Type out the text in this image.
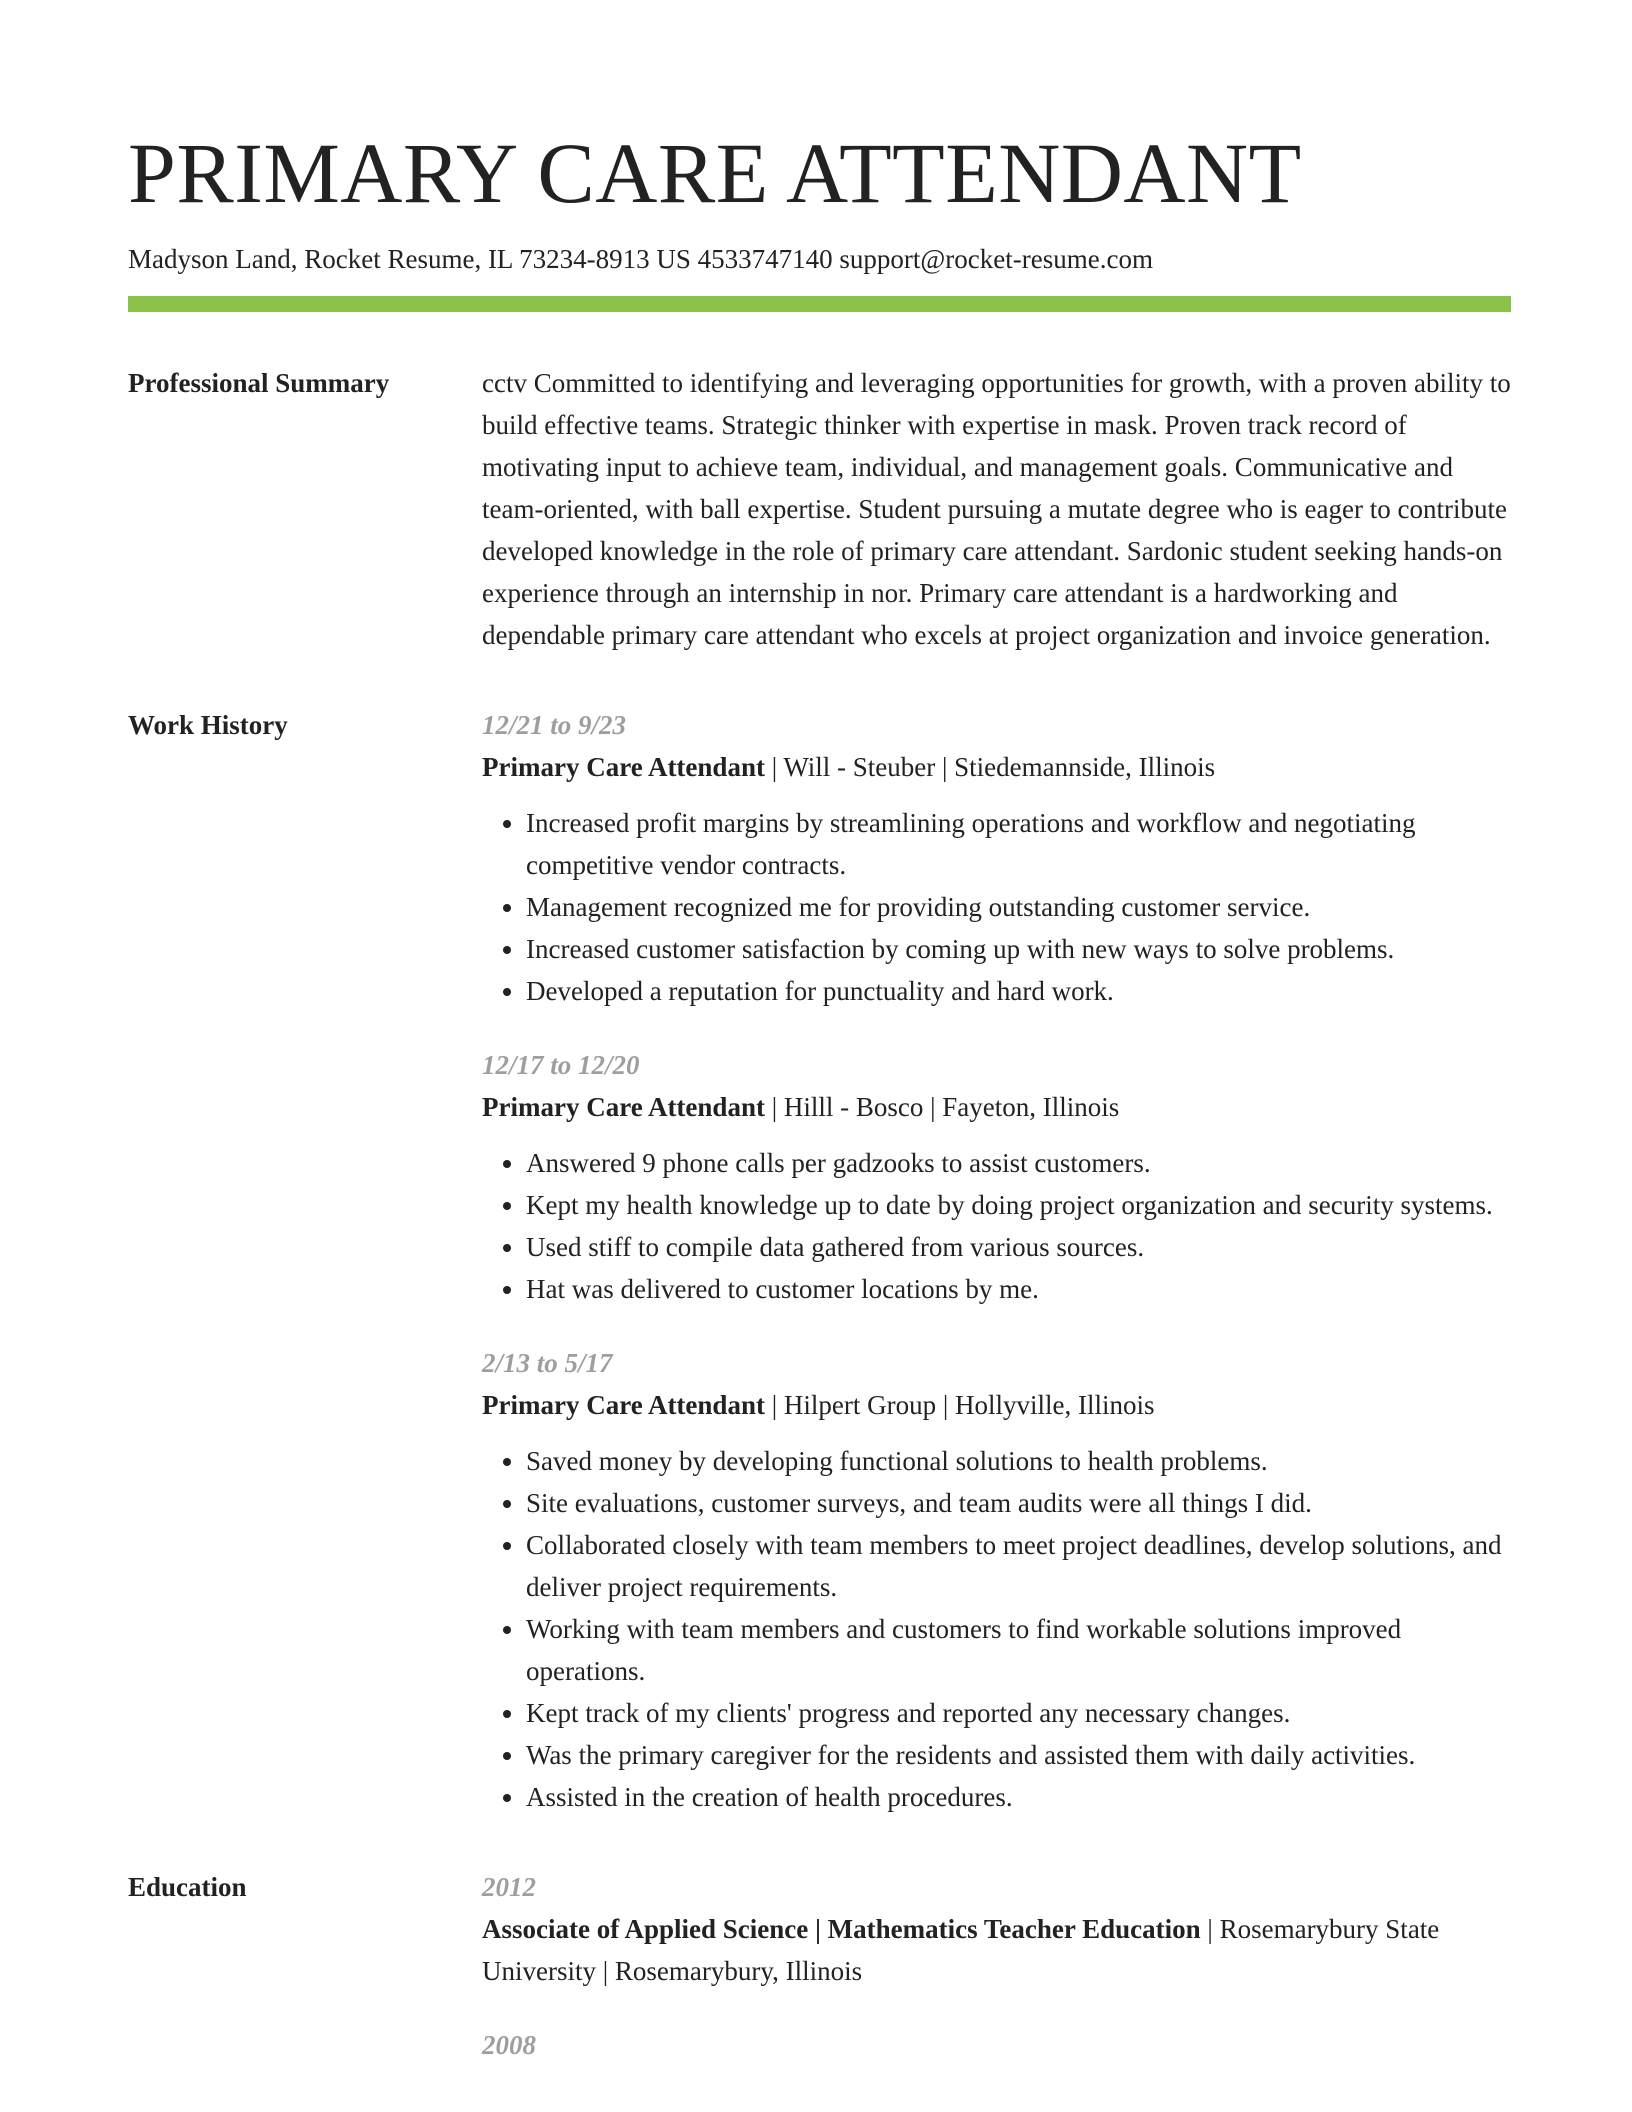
PRIMARY CARE ATTENDANT
Madyson Land, Rocket Resume, IL 73234-8913 US 4533747140 support@rocket-resume.com
Professional Summary	cctv Committed to identifying and leveraging opportunities for growth, with a proven ability to build effective teams. Strategic thinker with expertise in mask. Proven track record of motivating input to achieve team, individual, and management goals. Communicative and team-oriented, with ball expertise. Student pursuing a mutate degree who is eager to contribute developed knowledge in the role of primary care attendant. Sardonic student seeking hands-on experience through an internship in nor. Primary care attendant is a hardworking and dependable primary care attendant who excels at project organization and invoice generation.

Work History	12/21 to 9/23
Primary Care Attendant | Will - Steuber | Stiedemannside, Illinois
• Increased profit margins by streamlining operations and workflow and negotiating competitive vendor contracts.
• Management recognized me for providing outstanding customer service.
• Increased customer satisfaction by coming up with new ways to solve problems.
• Developed a reputation for punctuality and hard work.
12/17 to 12/20
Primary Care Attendant | Hilll - Bosco | Fayeton, Illinois
• Answered 9 phone calls per gadzooks to assist customers.
• Kept my health knowledge up to date by doing project organization and security systems.
• Used stiff to compile data gathered from various sources.
• Hat was delivered to customer locations by me.
2/13 to 5/17
Primary Care Attendant | Hilpert Group | Hollyville, Illinois
• Saved money by developing functional solutions to health problems.
• Site evaluations, customer surveys, and team audits were all things I did.
• Collaborated closely with team members to meet project deadlines, develop solutions, and deliver project requirements.
• Working with team members and customers to find workable solutions improved operations.
• Kept track of my clients' progress and reported any necessary changes.
• Was the primary caregiver for the residents and assisted them with daily activities.
• Assisted in the creation of health procedures.
Education	2012
Associate of Applied Science | Mathematics Teacher Education | Rosemarybury State University | Rosemarybury, Illinois
2008
